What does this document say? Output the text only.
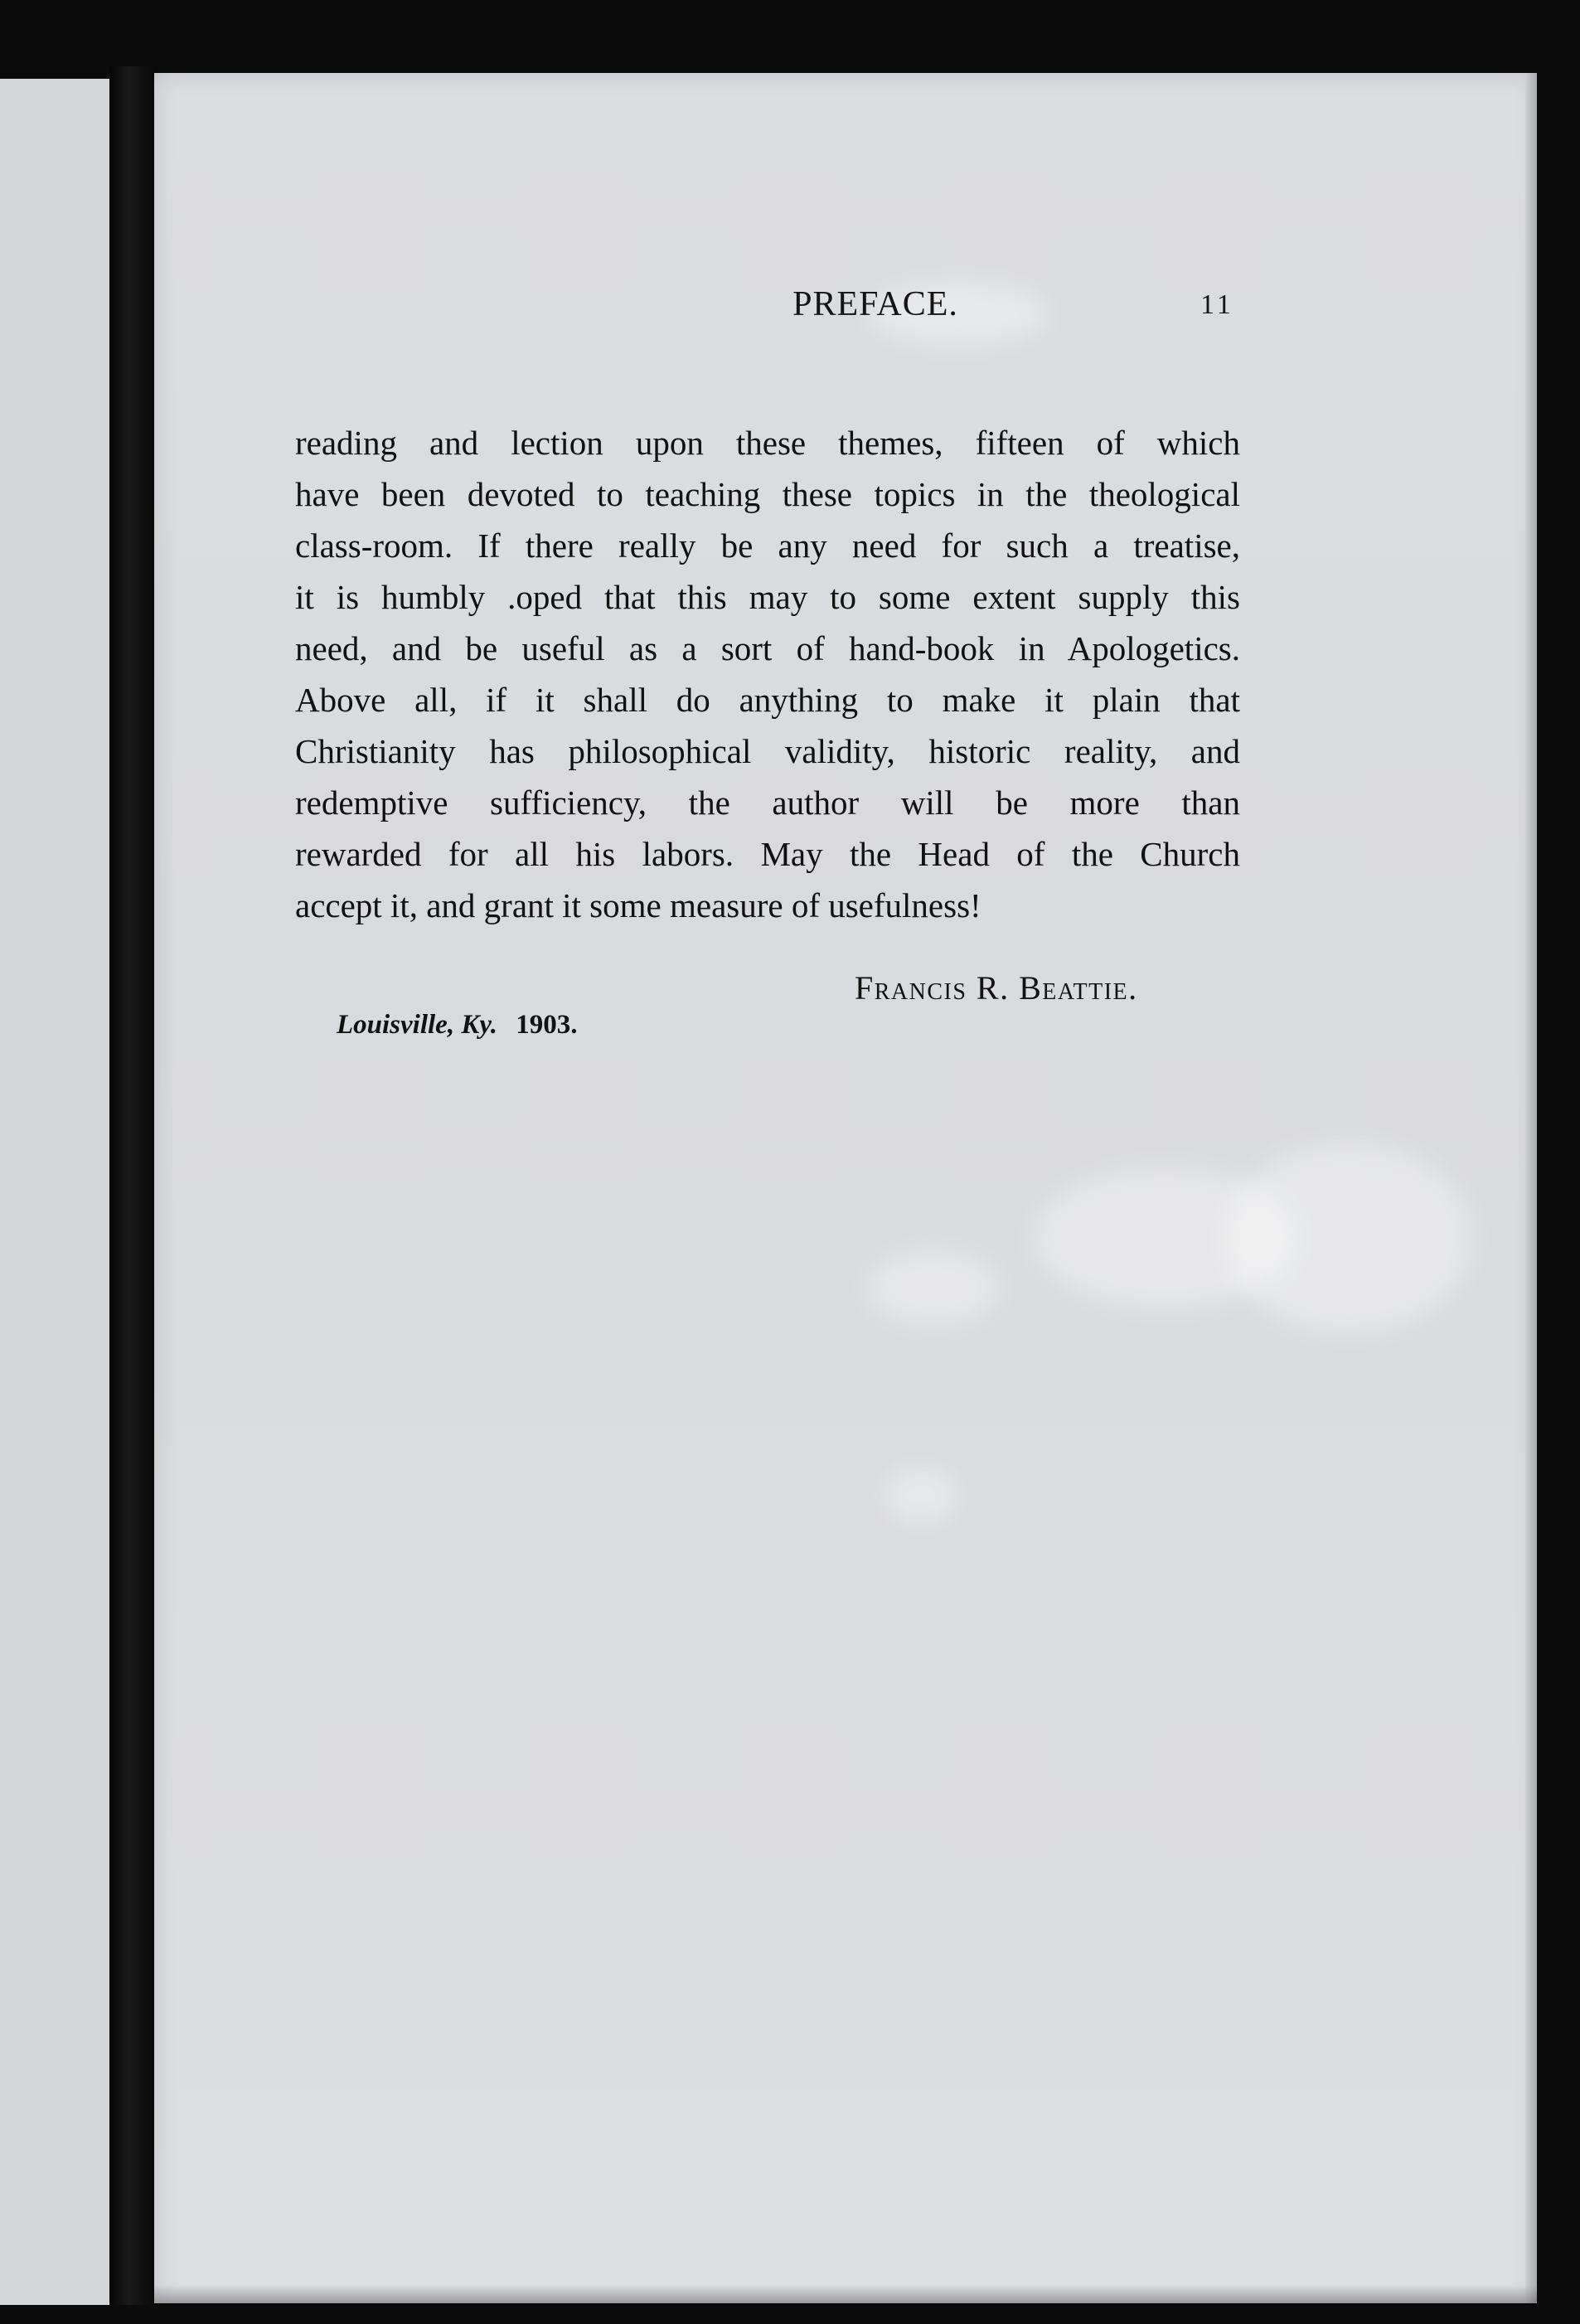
PREFACE.	11
reading and lection upon these themes, fifteen of which
have been devoted to teaching these topics in the theological
class-room. If there really be any need for such a treatise,
it is humbly .oped that this may to some extent supply this
need, and be useful as a sort of hand-book in Apologetics.
Above all, if it shall do anything to make it plain that
Christianity has philosophical validity, historic reality, and
redemptive sufficiency, the author will be more than
rewarded for all his labors. May the Head of the Church
accept it, and grant it some measure of usefulness!
Francis R. Beattie.
Louisville, Ky. 1903.
